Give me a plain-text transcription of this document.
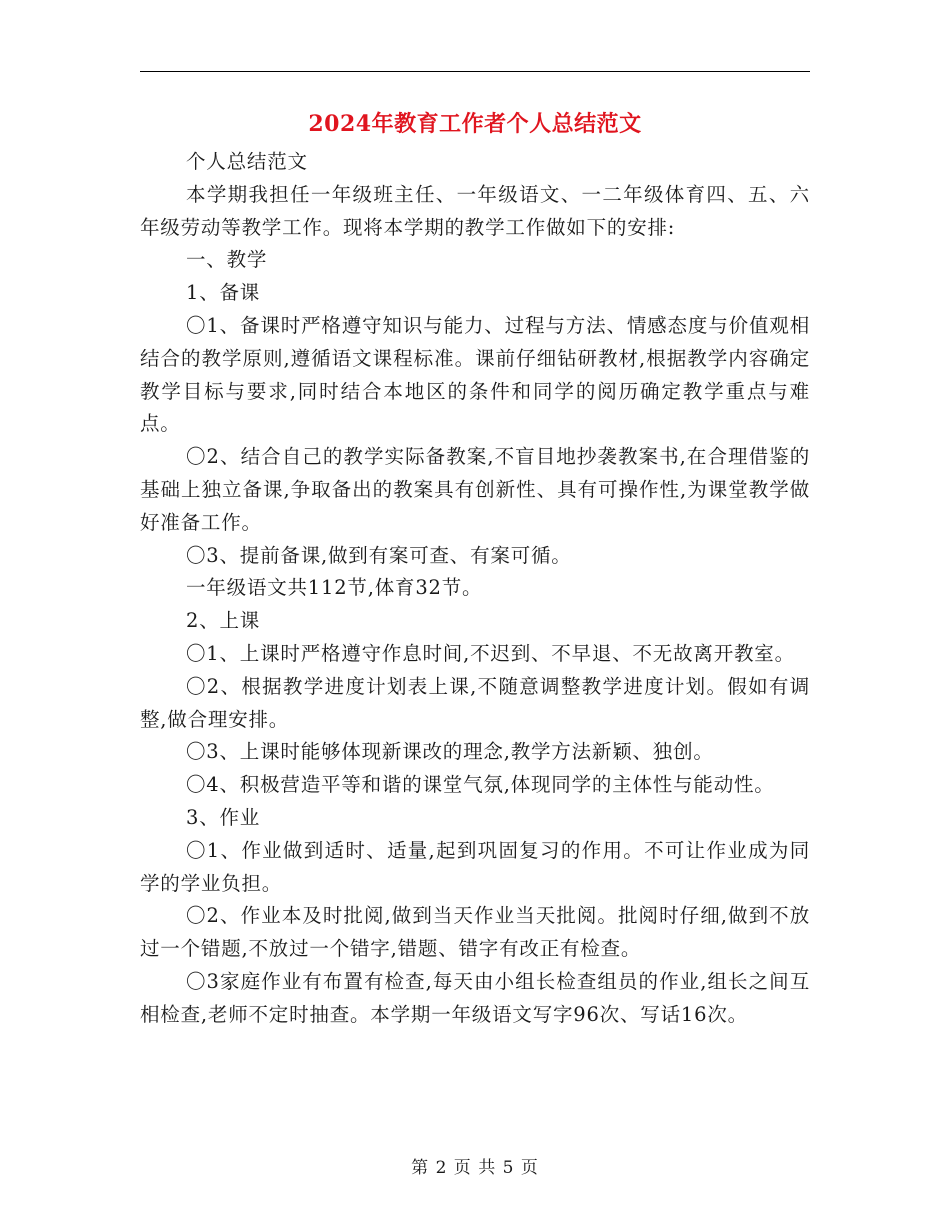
2024年教育工作者个人总结范文

个人总结范文

本学期我担任一年级班主任、一年级语文、一二年级体育四、五、六年级劳动等教学工作。现将本学期的教学工作做如下的安排:

一、教学

1、备课

〇1、备课时严格遵守知识与能力、过程与方法、情感态度与价值观相结合的教学原则,遵循语文课程标准。课前仔细钻研教材,根据教学内容确定教学目标与要求,同时结合本地区的条件和同学的阅历确定教学重点与难点。

〇2、结合自己的教学实际备教案,不盲目地抄袭教案书,在合理借鉴的基础上独立备课,争取备出的教案具有创新性、具有可操作性,为课堂教学做好准备工作。

〇3、提前备课,做到有案可查、有案可循。

一年级语文共112节,体育32节。

2、上课

〇1、上课时严格遵守作息时间,不迟到、不早退、不无故离开教室。

〇2、根据教学进度计划表上课,不随意调整教学进度计划。假如有调整,做合理安排。

〇3、上课时能够体现新课改的理念,教学方法新颖、独创。

〇4、积极营造平等和谐的课堂气氛,体现同学的主体性与能动性。

3、作业

〇1、作业做到适时、适量,起到巩固复习的作用。不可让作业成为同学的学业负担。

〇2、作业本及时批阅,做到当天作业当天批阅。批阅时仔细,做到不放过一个错题,不放过一个错字,错题、错字有改正有检查。

〇3家庭作业有布置有检查,每天由小组长检查组员的作业,组长之间互相检查,老师不定时抽查。本学期一年级语文写字96次、写话16次。

第 2 页 共 5 页
